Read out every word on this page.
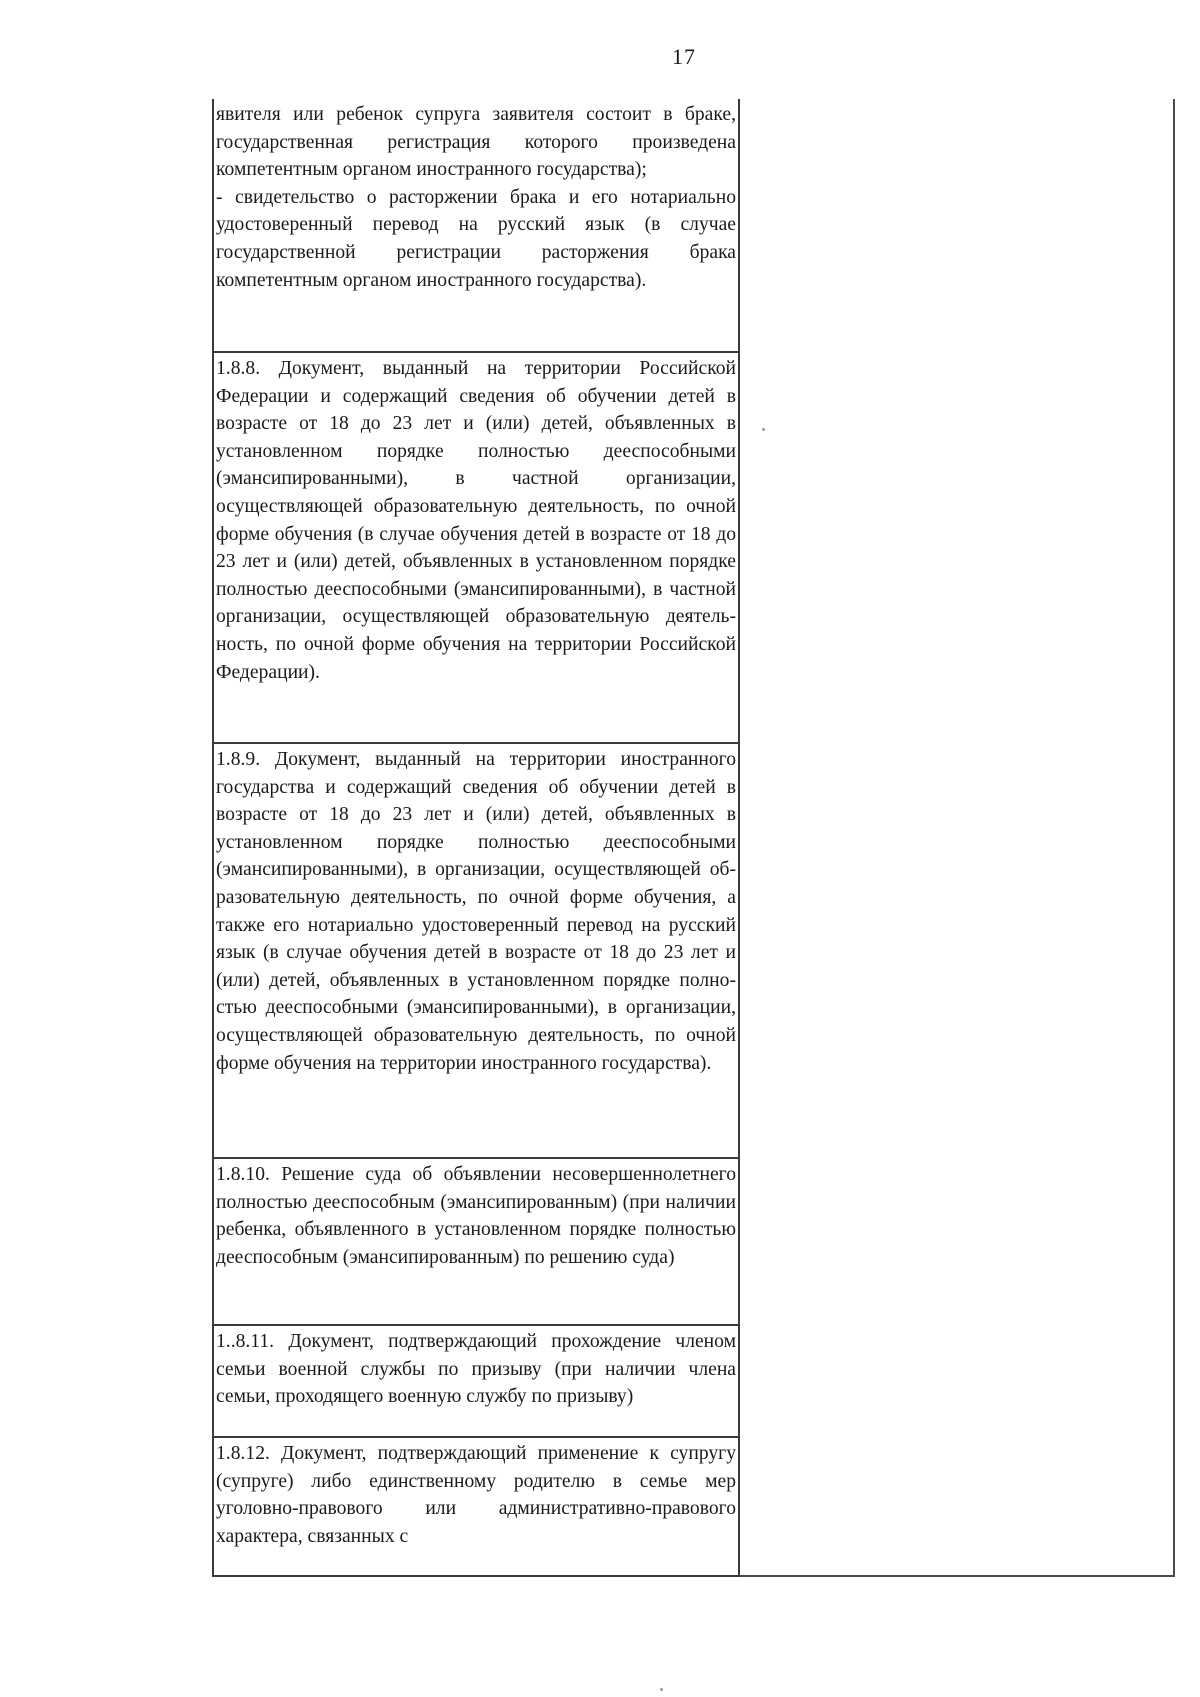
17

явителя или ребенок супруга заявителя состоит в браке, государственная регистрация которого произведена компетентным органом иностранного государства);

- свидетельство о расторжении брака и его нотариально удостоверенный перевод на русский язык (в случае государственной регистрации расторжения брака компетентным органом иностранного государства).

1.8.8. Документ, выданный на территории Российской Федерации и содержащий сведения об обучении детей в возрасте от 18 до 23 лет и (или) детей, объявленных в установленном порядке полностью дееспособными (эмансипированными), в частной организации, осуществляющей образовательную деятельность, по очной форме обучения (в случае обучения детей в возрасте от 18 до 23 лет и (или) детей, объявленных в установленном порядке полностью дееспособными (эмансипированными), в частной организации, осуществляющей образовательную деятельность, по очной форме обучения на территории Российской Федерации).

1.8.9. Документ, выданный на территории иностранного государства и содержащий сведения об обучении детей в возрасте от 18 до 23 лет и (или) детей, объявленных в установленном порядке полностью дееспособными (эмансипированными), в организации, осуществляющей образовательную деятельность, по очной форме обучения, а также его нотариально удостоверенный перевод на русский язык (в случае обучения детей в возрасте от 18 до 23 лет и (или) детей, объявленных в установленном порядке полностью дееспособными (эмансипированными), в организации, осуществляющей образовательную деятельность, по очной форме обучения на территории иностранного государства).

1.8.10. Решение суда об объявлении несовершеннолетнего полностью дееспособным (эмансипированным) (при наличии ребенка, объявленного в установленном порядке полностью дееспособным (эмансипированным) по решению суда)

1..8.11. Документ, подтверждающий прохождение членом семьи военной службы по призыву (при наличии члена семьи, проходящего военную службу по призыву)

1.8.12. Документ, подтверждающий применение к супругу (супруге) либо единственному родителю в семье мер уголовно-правового или административно-правового характера, связанных с
